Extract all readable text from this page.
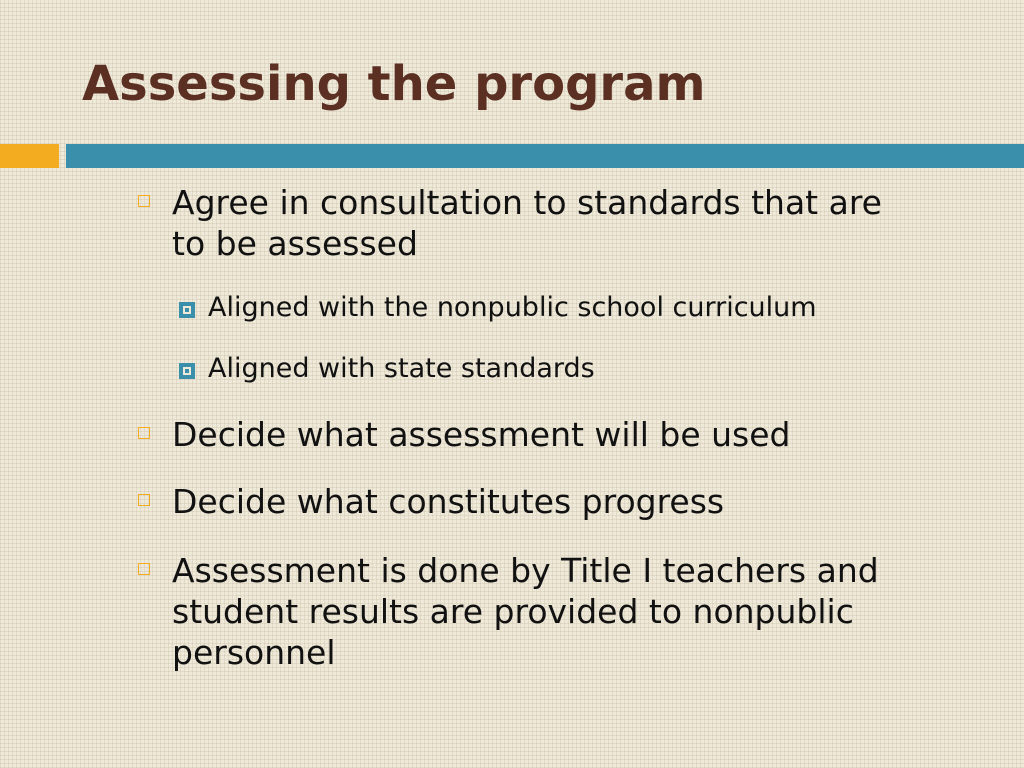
Assessing the program
Agree in consultation to standards that are to be assessed
Aligned with the nonpublic school curriculum
Aligned with state standards
Decide what assessment will be used
Decide what constitutes progress
Assessment is done by Title I teachers and student results are provided to nonpublic personnel
